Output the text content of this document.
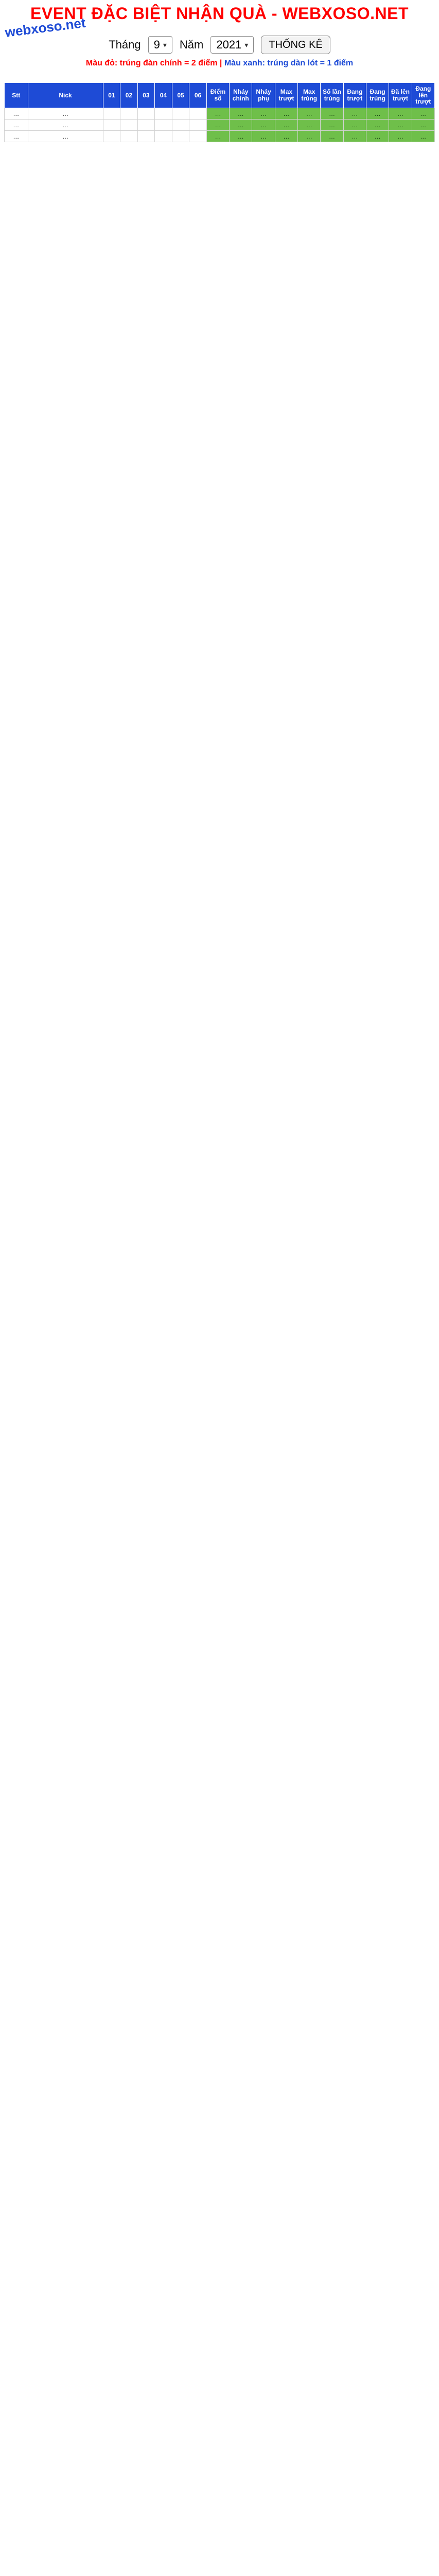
EVENT ĐẶC BIỆT NHẬN QUÀ - WEBXOSO.NET
webxoso.net
Tháng 9 ▾ Năm 2021 ▾	THỐNG KÊ
Màu đỏ: trúng đàn chính = 2 điểm | Màu xanh: trúng dàn lót = 1 điểm
Stt	Nick	01	02	03	04	05	06	Điểm số	Nháy chính	Nháy phụ	Max trượt	Max trúng	Số lần trúng	Đang trượt	Đang trúng	Đã lên trượt	Đang lên trượt
…	…							…	…	…	…	…	…	…	…	…	…
…	…							…	…	…	…	…	…	…	…	…	…
…	…							…	…	…	…	…	…	…	…	…	…
